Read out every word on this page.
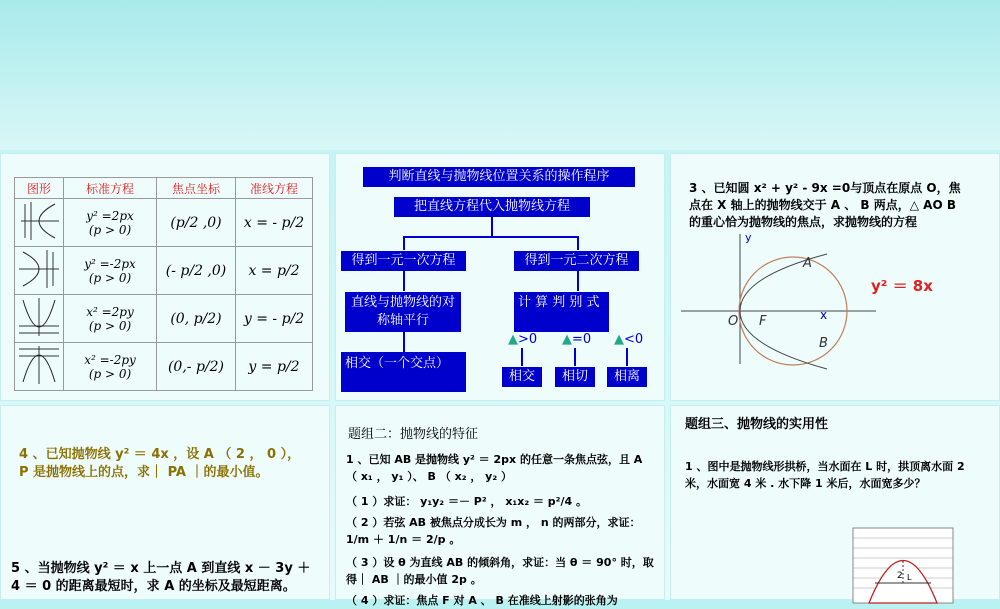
图形	标准方程	焦点坐标	准线方程

y² =2px
(p > 0)	(p/2 ,0)	x = - p/2

y² =-2px
(p > 0)	(- p/2 ,0)	x = p/2

x² =2py
(p > 0)	(0, p/2)	y = - p/2

x² =-2py
(p > 0)	(0,- p/2)	y = p/2
判断直线与抛物线位置关系的操作程序
把直线方程代入抛物线方程
得到一元一次方程	得到一元二次方程
直线与抛物线的对称轴平行
计 算 判 别 式
相交（一个交点）
▲>0 ▲=0 ▲<0
相交	相切	相离
3 、已知圆 x² + y² - 9x =0与顶点在原点 O，焦点在 X 轴上的抛物线交于 A 、 B 两点，△ AO B 的重心恰为抛物线的焦点，求抛物线的方程
y
x
O F
A
B
y² ＝ 8x
4 、已知抛物线 y² ＝ 4x ，设 A （ 2 ， 0 ）， P 是抛物线上的点，求｜ PA ｜的最小值。
5 、当抛物线 y² ＝ x 上一点 A 到直线 x － 3y ＋ 4 ＝ 0 的距离最短时，求 A 的坐标及最短距离。
题组二：抛物线的特征
1 、已知 AB 是抛物线 y² ＝ 2px 的任意一条焦点弦，且 A （ x₁ ， y₁ ）、 B （ x₂ ， y₂ ）
（ 1 ）求证： y₁y₂ ＝－ P² ， x₁x₂ ＝ p²/4 。
（ 2 ）若弦 AB 被焦点分成长为 m ， n 的两部分，求证： 1/m ＋ 1/n ＝ 2/p 。
（ 3 ）设 θ 为直线 AB 的倾斜角，求证：当 θ ＝ 90° 时，取得｜ AB ｜的最小值 2p 。
（ 4 ）求证：焦点 F 对 A 、 B 在准线上射影的张角为
题组三、抛物线的实用性
1 、图中是抛物线形拱桥，当水面在 L 时，拱顶离水面 2 米，水面宽 4 米 . 水下降 1 米后，水面宽多少？
2 L
